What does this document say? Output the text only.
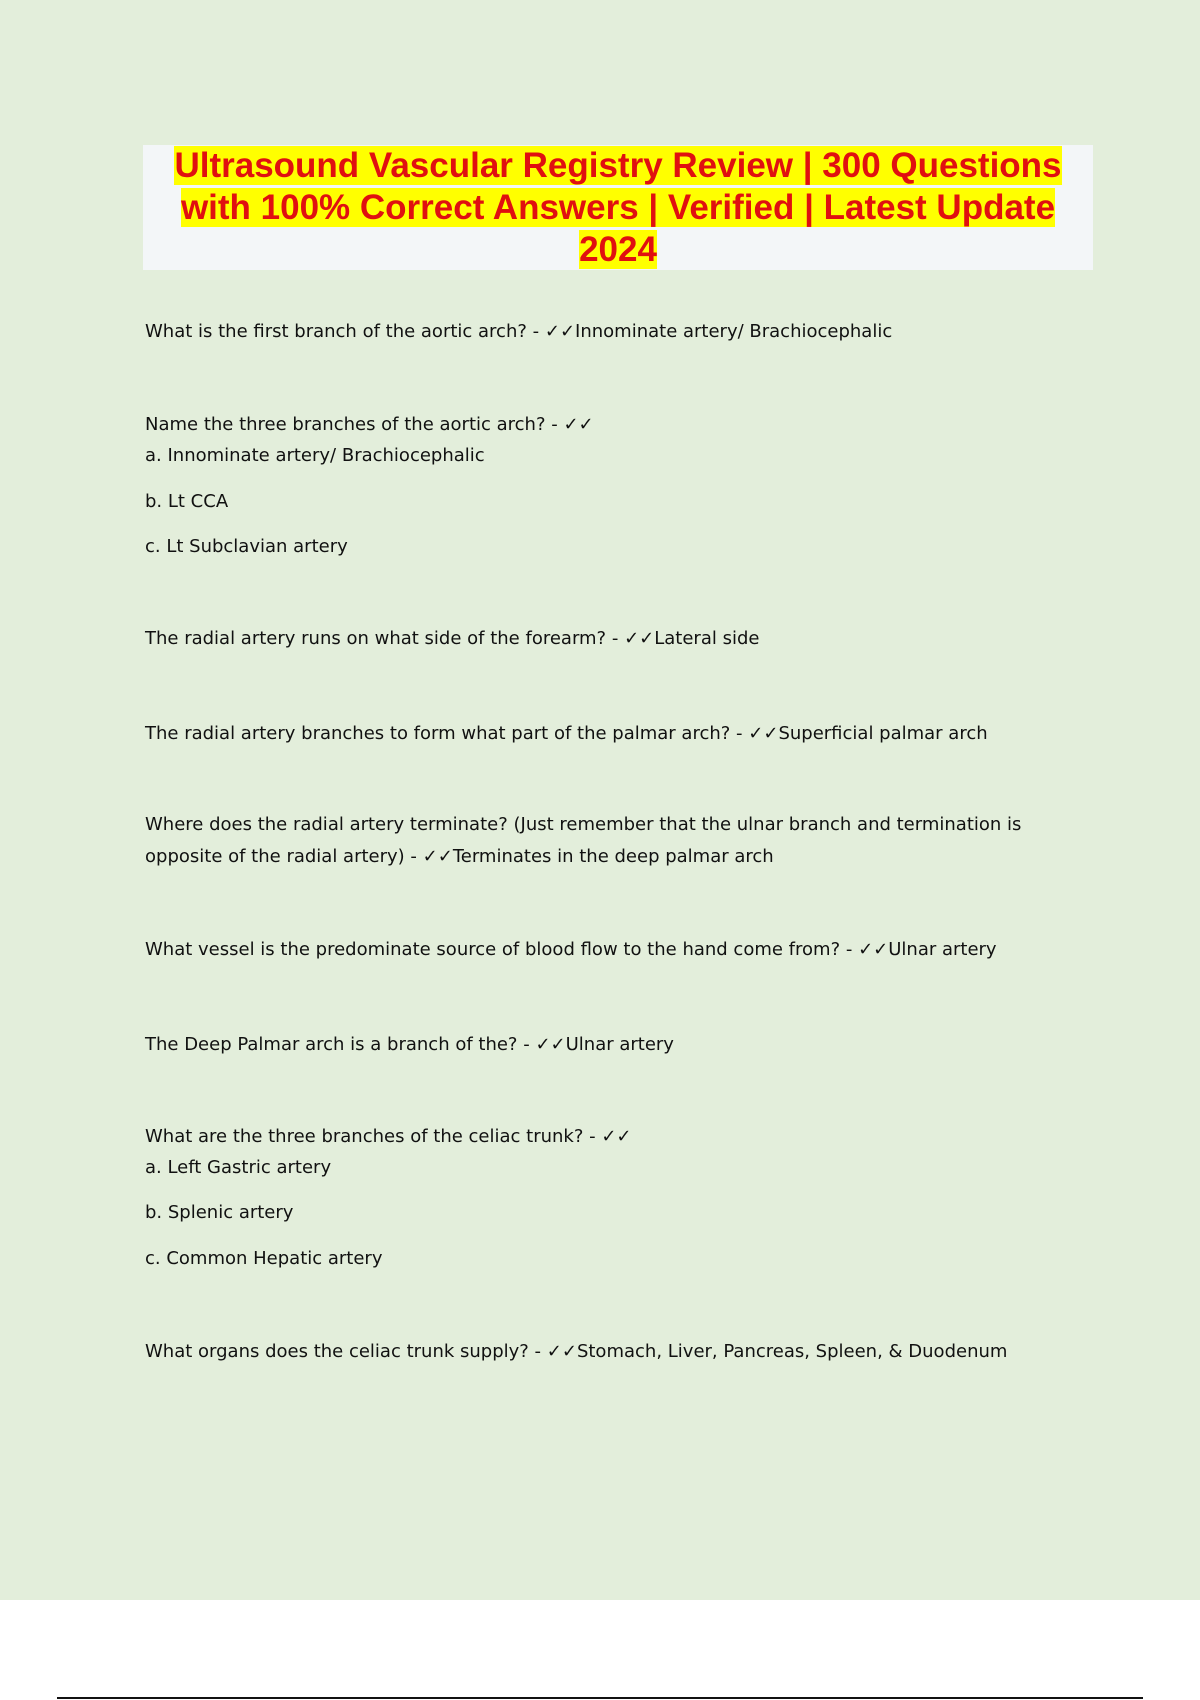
Ultrasound Vascular Registry Review | 300 Questions with 100% Correct Answers | Verified | Latest Update 2024
What is the first branch of the aortic arch? - ✓✓Innominate artery/ Brachiocephalic
Name the three branches of the aortic arch? - ✓✓
a. Innominate artery/ Brachiocephalic
b. Lt CCA
c. Lt Subclavian artery
The radial artery runs on what side of the forearm? - ✓✓Lateral side
The radial artery branches to form what part of the palmar arch? - ✓✓Superficial palmar arch
Where does the radial artery terminate? (Just remember that the ulnar branch and termination is opposite of the radial artery) - ✓✓Terminates in the deep palmar arch
What vessel is the predominate source of blood flow to the hand come from? - ✓✓Ulnar artery
The Deep Palmar arch is a branch of the? - ✓✓Ulnar artery
What are the three branches of the celiac trunk? - ✓✓
a. Left Gastric artery
b. Splenic artery
c. Common Hepatic artery
What organs does the celiac trunk supply? - ✓✓Stomach, Liver, Pancreas, Spleen, & Duodenum
